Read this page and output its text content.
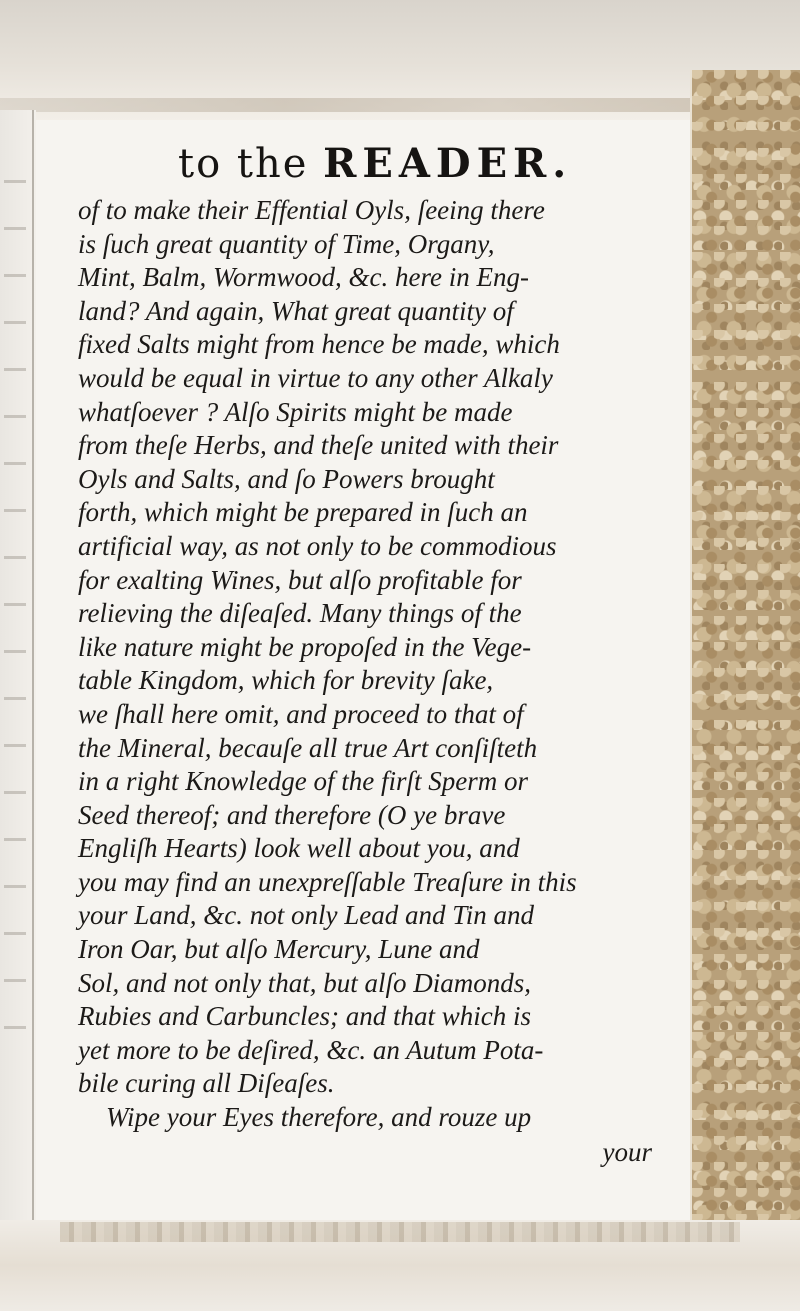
to the READER.
of to make their Effential Oyls, ſeeing there
is ſuch great quantity of Time, Organy,
Mint, Balm, Wormwood, &c. here in Eng-
land? And again, What great quantity of
fixed Salts might from hence be made, which
would be equal in virtue to any other Alkaly
whatſoever ? Alſo Spirits might be made
from theſe Herbs, and theſe united with their
Oyls and Salts, and ſo Powers brought
forth, which might be prepared in ſuch an
artificial way, as not only to be commodious
for exalting Wines, but alſo profitable for
relieving the diſeaſed. Many things of the
like nature might be propoſed in the Vege-
table Kingdom, which for brevity ſake,
we ſhall here omit, and proceed to that of
the Mineral, becauſe all true Art conſiſteth
in a right Knowledge of the firſt Sperm or
Seed thereof; and therefore (O ye brave
Engliſh Hearts) look well about you, and
you may find an unexpreſſable Treaſure in this
your Land, &c. not only Lead and Tin and
Iron Oar, but alſo Mercury, Lune and
Sol, and not only that, but alſo Diamonds,
Rubies and Carbuncles; and that which is
yet more to be deſired, &c. an Autum Pota-
bile curing all Diſeaſes.
Wipe your Eyes therefore, and rouze up
your
